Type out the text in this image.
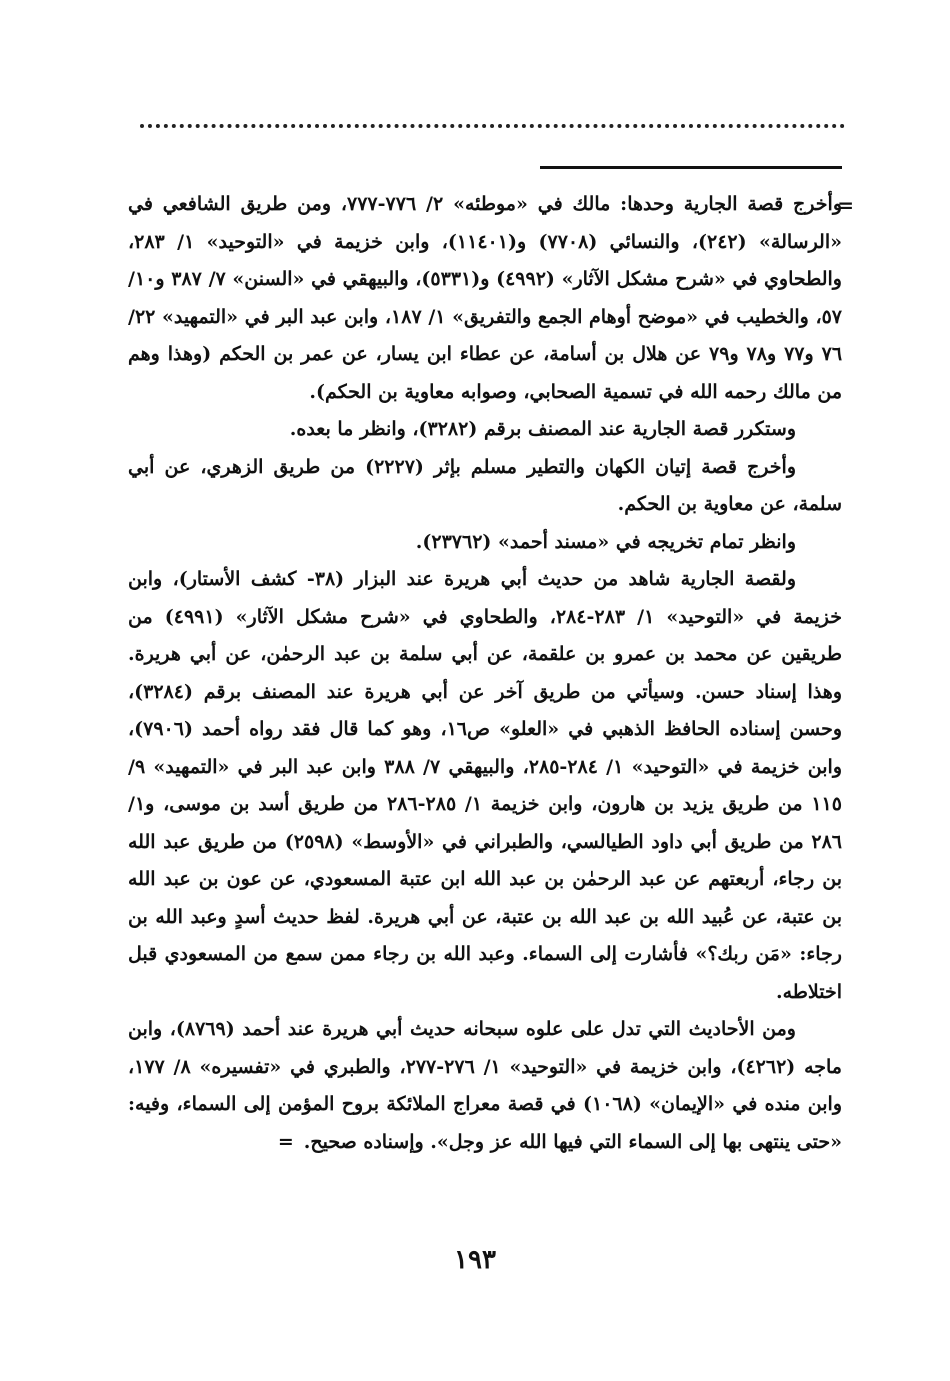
=

وأخرج قصة الجارية وحدها: مالك في «موطئه» ٢/ ٧٧٦-٧٧٧، ومن طريق الشافعي في «الرسالة» (٢٤٢)، والنسائي (٧٧٠٨) و(١١٤٠١)، وابن خزيمة في «التوحيد» ١/ ٢٨٣، والطحاوي في «شرح مشكل الآثار» (٤٩٩٢) و(٥٣٣١)، والبيهقي في «السنن» ٧/ ٣٨٧ و١٠/ ٥٧، والخطيب في «موضح أوهام الجمع والتفريق» ١/ ١٨٧، وابن عبد البر في «التمهيد» ٢٢/ ٧٦ و٧٧ و٧٨ و٧٩ عن هلال بن أسامة، عن عطاء ابن يسار، عن عمر بن الحكم (وهذا وهم من مالك رحمه الله في تسمية الصحابي، وصوابه معاوية بن الحكم).

وستكرر قصة الجارية عند المصنف برقم (٣٢٨٢)، وانظر ما بعده.

وأخرج قصة إتيان الكهان والتطير مسلم بإثر (٢٢٢٧) من طريق الزهري، عن أبي سلمة، عن معاوية بن الحكم.

وانظر تمام تخريجه في «مسند أحمد» (٢٣٧٦٢).

ولقصة الجارية شاهد من حديث أبي هريرة عند البزار (٣٨- كشف الأستار)، وابن خزيمة في «التوحيد» ١/ ٢٨٣-٢٨٤، والطحاوي في «شرح مشكل الآثار» (٤٩٩١) من طريقين عن محمد بن عمرو بن علقمة، عن أبي سلمة بن عبد الرحمٰن، عن أبي هريرة. وهذا إسناد حسن. وسيأتي من طريق آخر عن أبي هريرة عند المصنف برقم (٣٢٨٤)، وحسن إسناده الحافظ الذهبي في «العلو» ص١٦، وهو كما قال فقد رواه أحمد (٧٩٠٦)، وابن خزيمة في «التوحيد» ١/ ٢٨٤-٢٨٥، والبيهقي ٧/ ٣٨٨ وابن عبد البر في «التمهيد» ٩/ ١١٥ من طريق يزيد بن هارون، وابن خزيمة ١/ ٢٨٥-٢٨٦ من طريق أسد بن موسى، و١/ ٢٨٦ من طريق أبي داود الطيالسي، والطبراني في «الأوسط» (٢٥٩٨) من طريق عبد الله بن رجاء، أربعتهم عن عبد الرحمٰن بن عبد الله ابن عتبة المسعودي، عن عون بن عبد الله بن عتبة، عن عُبيد الله بن عبد الله بن عتبة، عن أبي هريرة. لفظ حديث أسدٍ وعبد الله بن رجاء: «مَن ربك؟» فأشارت إلى السماء. وعبد الله بن رجاء ممن سمع من المسعودي قبل اختلاطه.

ومن الأحاديث التي تدل على علوه سبحانه حديث أبي هريرة عند أحمد (٨٧٦٩)، وابن ماجه (٤٢٦٢)، وابن خزيمة في «التوحيد» ١/ ٢٧٦-٢٧٧، والطبري في «تفسيره» ٨/ ١٧٧، وابن منده في «الإيمان» (١٠٦٨) في قصة معراج الملائكة بروح المؤمن إلى السماء، وفيه: «حتى ينتهى بها إلى السماء التي فيها الله عز وجل». وإسناده صحيح.=

١٩٣
